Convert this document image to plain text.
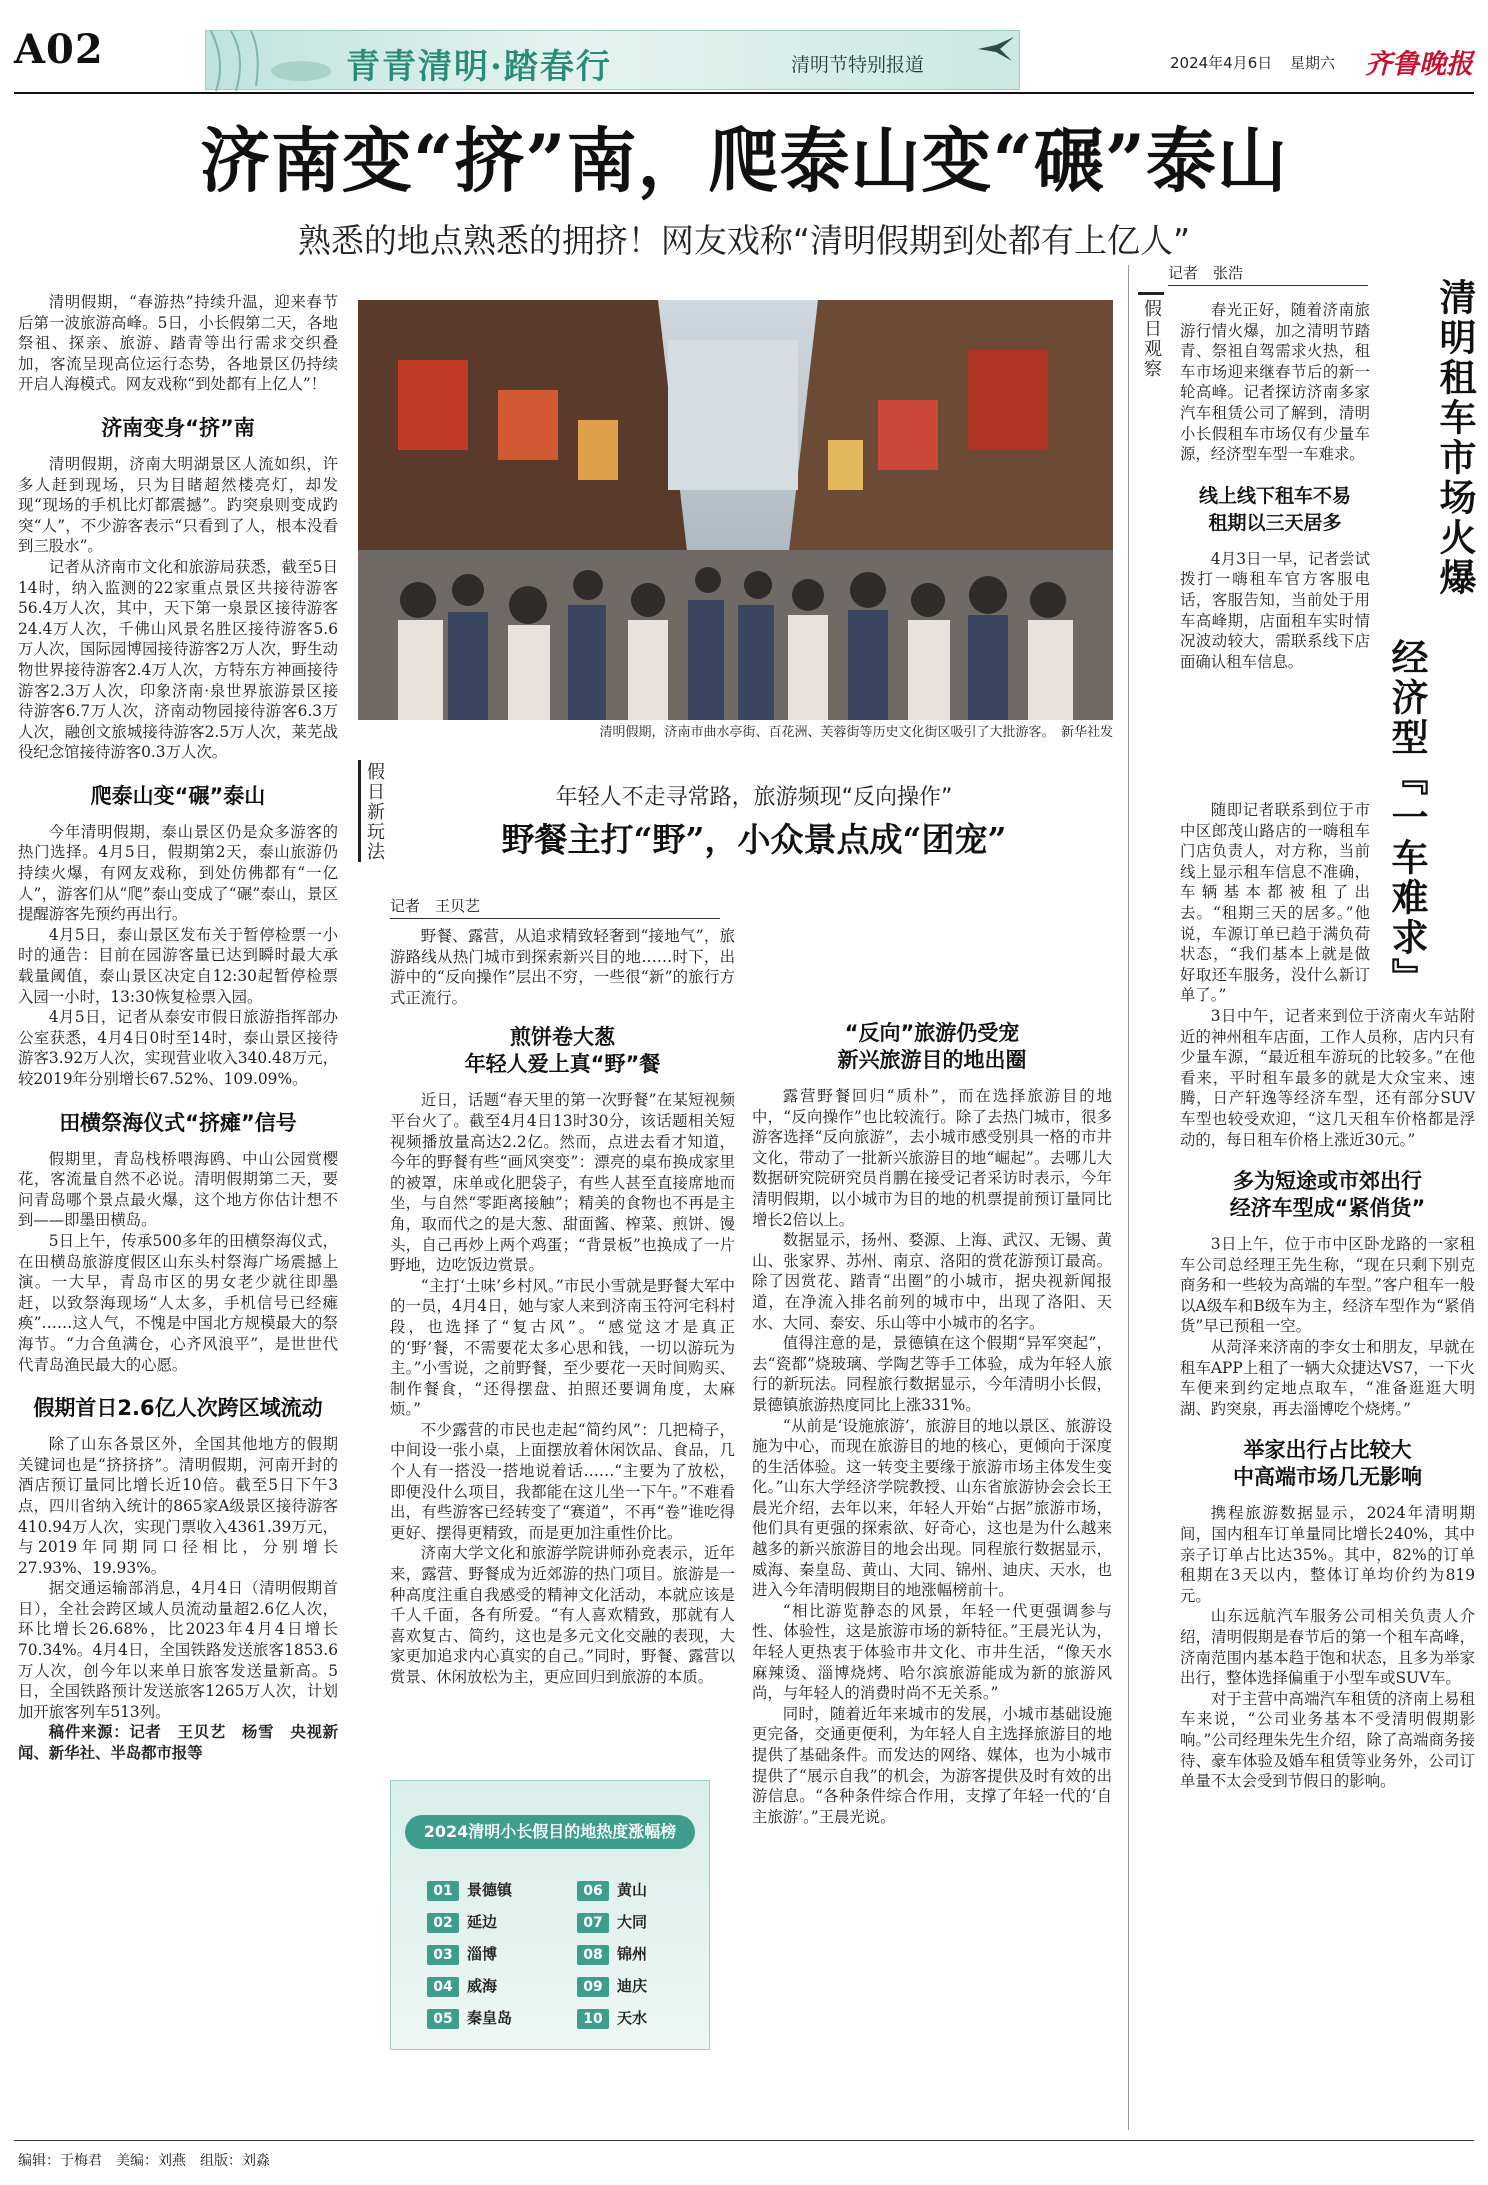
A02	青青清明·踏春行	清明节特别报道	2024年4月6日 星期六 齐鲁晚报
济南变“挤”南，爬泰山变“碾”泰山
熟悉的地点熟悉的拥挤！网友戏称“清明假期到处都有上亿人”

清明假期，“春游热”持续升温，迎来春节后第一波旅游高峰。5日，小长假第二天，各地祭祖、探亲、旅游、踏青等出行需求交织叠加，客流呈现高位运行态势，各地景区仍持续开启人海模式。网友戏称“到处都有上亿人”！

济南变身“挤”南

清明假期，济南大明湖景区人流如织，许多人赶到现场，只为目睹超然楼亮灯，却发现“现场的手机比灯都震撼”。趵突泉则变成趵突“人”，不少游客表示“只看到了人，根本没看到三股水”。

记者从济南市文化和旅游局获悉，截至5日14时，纳入监测的22家重点景区共接待游客56.4万人次，其中，天下第一泉景区接待游客24.4万人次，千佛山风景名胜区接待游客5.6万人次，国际园博园接待游客2万人次，野生动物世界接待游客2.4万人次，方特东方神画接待游客2.3万人次，印象济南·泉世界旅游景区接待游客6.7万人次，济南动物园接待游客6.3万人次，融创文旅城接待游客2.5万人次，莱芜战役纪念馆接待游客0.3万人次。

爬泰山变“碾”泰山

今年清明假期，泰山景区仍是众多游客的热门选择。4月5日，假期第2天，泰山旅游仍持续火爆，有网友戏称，到处仿佛都有“一亿人”，游客们从“爬”泰山变成了“碾”泰山，景区提醒游客先预约再出行。

4月5日，泰山景区发布关于暂停检票一小时的通告：目前在园游客量已达到瞬时最大承载量阈值，泰山景区决定自12:30起暂停检票入园一小时，13:30恢复检票入园。

4月5日，记者从泰安市假日旅游指挥部办公室获悉，4月4日0时至14时，泰山景区接待游客3.92万人次，实现营业收入340.48万元，较2019年分别增长67.52%、109.09%。

田横祭海仪式“挤瘫”信号

假期里，青岛栈桥喂海鸥、中山公园赏樱花，客流量自然不必说。清明假期第二天，要问青岛哪个景点最火爆，这个地方你估计想不到——即墨田横岛。

5日上午，传承500多年的田横祭海仪式，在田横岛旅游度假区山东头村祭海广场震撼上演。一大早，青岛市区的男女老少就往即墨赶，以致祭海现场“人太多，手机信号已经瘫痪”……这人气，不愧是中国北方规模最大的祭海节。“力合鱼满仓，心齐风浪平”，是世世代代青岛渔民最大的心愿。

假期首日2.6亿人次跨区域流动

除了山东各景区外，全国其他地方的假期关键词也是“挤挤挤”。清明假期，河南开封的酒店预订量同比增长近10倍。截至5日下午3点，四川省纳入统计的865家A级景区接待游客410.94万人次，实现门票收入4361.39万元，与2019年同期同口径相比，分别增长27.93%、19.93%。

据交通运输部消息，4月4日（清明假期首日），全社会跨区域人员流动量超2.6亿人次，环比增长26.68%，比2023年4月4日增长70.34%。4月4日，全国铁路发送旅客1853.6万人次，创今年以来单日旅客发送量新高。5日，全国铁路预计发送旅客1265万人次，计划加开旅客列车513列。

稿件来源：记者　王贝艺　杨雪　央视新闻、新华社、半岛都市报等

清明假期，济南市曲水亭街、百花洲、芙蓉街等历史文化街区吸引了大批游客。　新华社发
假日新玩法	年轻人不走寻常路，旅游频现“反向操作”
野餐主打“野”，小众景点成“团宠”
记者　王贝艺

野餐、露营，从追求精致轻奢到“接地气”，旅游路线从热门城市到探索新兴目的地……时下，出游中的“反向操作”层出不穷，一些很“新”的旅行方式正流行。

煎饼卷大葱
年轻人爱上真“野”餐

近日，话题“春天里的第一次野餐”在某短视频平台火了。截至4月4日13时30分，该话题相关短视频播放量高达2.2亿。然而，点进去看才知道，今年的野餐有些“画风突变”：漂亮的桌布换成家里的被罩，床单或化肥袋子，有些人甚至直接席地而坐，与自然“零距离接触”；精美的食物也不再是主角，取而代之的是大葱、甜面酱、榨菜、煎饼、馒头，自己再炒上两个鸡蛋；“背景板”也换成了一片野地，边吃饭边赏景。

“主打‘土味’乡村风。”市民小雪就是野餐大军中的一员，4月4日，她与家人来到济南玉符河宅科村段，也选择了“复古风”。“感觉这才是真正的‘野’餐，不需要花太多心思和钱，一切以游玩为主。”小雪说，之前野餐，至少要花一天时间购买、制作餐食，“还得摆盘、拍照还要调角度，太麻烦。”

不少露营的市民也走起“简约风”：几把椅子，中间设一张小桌，上面摆放着休闲饮品、食品，几个人有一搭没一搭地说着话……“主要为了放松，即便没什么项目，我都能在这儿坐一下午。”不难看出，有些游客已经转变了“赛道”，不再“卷”谁吃得更好、摆得更精致，而是更加注重性价比。

济南大学文化和旅游学院讲师孙竞表示，近年来，露营、野餐成为近郊游的热门项目。旅游是一种高度注重自我感受的精神文化活动，本就应该是千人千面，各有所爱。“有人喜欢精致，那就有人喜欢复古、简约，这也是多元文化交融的表现，大家更加追求内心真实的自己。”同时，野餐、露营以赏景、休闲放松为主，更应回归到旅游的本质。

2024清明小长假目的地热度涨幅榜
01 景德镇
02 延边
03 淄博
04 威海
05 秦皇岛
06 黄山
07 大同
08 锦州
09 迪庆
10 天水
“反向”旅游仍受宠
新兴旅游目的地出圈

露营野餐回归“质朴”，而在选择旅游目的地中，“反向操作”也比较流行。除了去热门城市，很多游客选择“反向旅游”，去小城市感受别具一格的市井文化，带动了一批新兴旅游目的地“崛起”。去哪儿大数据研究院研究员肖鹏在接受记者采访时表示，今年清明假期，以小城市为目的地的机票提前预订量同比增长2倍以上。

数据显示，扬州、婺源、上海、武汉、无锡、黄山、张家界、苏州、南京、洛阳的赏花游预订最高。除了因赏花、踏青“出圈”的小城市，据央视新闻报道，在净流入排名前列的城市中，出现了洛阳、天水、大同、泰安、乐山等中小城市的名字。

值得注意的是，景德镇在这个假期“异军突起”，去“瓷都”烧玻璃、学陶艺等手工体验，成为年轻人旅行的新玩法。同程旅行数据显示，今年清明小长假，景德镇旅游热度同比上涨331%。

“从前是‘设施旅游’，旅游目的地以景区、旅游设施为中心，而现在旅游目的地的核心，更倾向于深度的生活体验。这一转变主要缘于旅游市场主体发生变化。”山东大学经济学院教授、山东省旅游协会会长王晨光介绍，去年以来，年轻人开始“占据”旅游市场，他们具有更强的探索欲、好奇心，这也是为什么越来越多的新兴旅游目的地会出现。同程旅行数据显示，威海、秦皇岛、黄山、大同、锦州、迪庆、天水，也进入今年清明假期目的地涨幅榜前十。

“相比游览静态的风景，年轻一代更强调参与性、体验性，这是旅游市场的新特征。”王晨光认为，年轻人更热衷于体验市井文化、市井生活，“像天水麻辣烫、淄博烧烤、哈尔滨旅游能成为新的旅游风尚，与年轻人的消费时尚不无关系。”

同时，随着近年来城市的发展，小城市基础设施更完备，交通更便利，为年轻人自主选择旅游目的地提供了基础条件。而发达的网络、媒体，也为小城市提供了“展示自我”的机会，为游客提供及时有效的出游信息。“各种条件综合作用，支撑了年轻一代的‘自主旅游’。”王晨光说。

假日观察
记者　张浩
清明租车市场火爆
经济型『一车难求』

春光正好，随着济南旅游行情火爆，加之清明节踏青、祭祖自驾需求火热，租车市场迎来继春节后的新一轮高峰。记者探访济南多家汽车租赁公司了解到，清明小长假租车市场仅有少量车源，经济型车型一车难求。

线上线下租车不易
租期以三天居多

4月3日一早，记者尝试拨打一嗨租车官方客服电话，客服告知，当前处于用车高峰期，店面租车实时情况波动较大，需联系线下店面确认租车信息。

随即记者联系到位于市中区郎茂山路店的一嗨租车门店负责人，对方称，当前线上显示租车信息不准确，车辆基本都被租了出去。“租期三天的居多。”他说，车源订单已趋于满负荷状态，“我们基本上就是做好取还车服务，没什么新订单了。”

3日中午，记者来到位于济南火车站附近的神州租车店面，工作人员称，店内只有少量车源，“最近租车游玩的比较多。”在他看来，平时租车最多的就是大众宝来、速腾，日产轩逸等经济车型，还有部分SUV车型也较受欢迎，“这几天租车价格都是浮动的，每日租车价格上涨近30元。”

多为短途或市郊出行
经济车型成“紧俏货”

3日上午，位于市中区卧龙路的一家租车公司总经理王先生称，“现在只剩下别克商务和一些较为高端的车型。”客户租车一般以A级车和B级车为主，经济车型作为“紧俏货”早已预租一空。

从菏泽来济南的李女士和朋友，早就在租车APP上租了一辆大众捷达VS7，一下火车便来到约定地点取车，“准备逛逛大明湖、趵突泉，再去淄博吃个烧烤。”

举家出行占比较大
中高端市场几无影响

携程旅游数据显示，2024年清明期间，国内租车订单量同比增长240%，其中亲子订单占比达35%。其中，82%的订单租期在3天以内，整体订单均价约为819元。

山东远航汽车服务公司相关负责人介绍，清明假期是春节后的第一个租车高峰，济南范围内基本趋于饱和状态，且多为举家出行，整体选择偏重于小型车或SUV车。

对于主营中高端汽车租赁的济南上易租车来说，“公司业务基本不受清明假期影响。”公司经理朱先生介绍，除了高端商务接待、豪车体验及婚车租赁等业务外，公司订单量不太会受到节假日的影响。

编辑：于梅君　美编：刘燕　组版：刘淼
